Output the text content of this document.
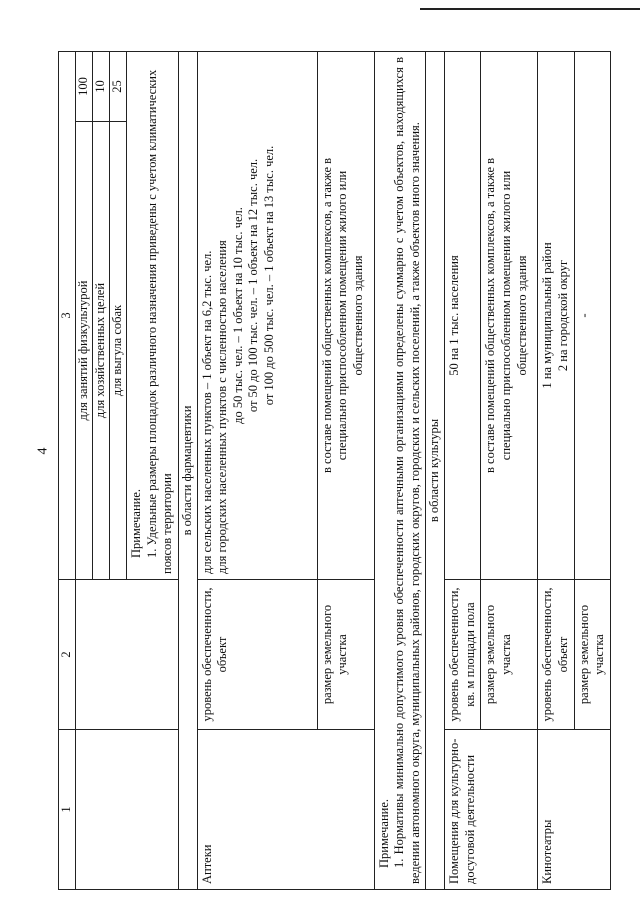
4
1	2	3	
		для занятий физкультурой	100
		для хозяйственных целей	10
		для выгула собак	25

		Примечание. 1. Удельные размеры площадок различного назначения приведены с учетом климатических поясов территории	

в области фармацевтики			
Аптеки	уровень обеспеченности, объект	для сельских населенных пунктов – 1 объект на 6,2 тыс. чел. для городских населенных пунктов с численностью населения до 50 тыс. чел. – 1 объект на 10 тыс. чел. от 50 до 100 тыс. чел. – 1 объект на 12 тыс. чел. от 100 до 500 тыс. чел. – 1 объект на 13 тыс. чел.	

	размер земельного участка	в составе помещений общественных комплексов, а также в специально приспособленном помещении жилого или общественного здания	

Примечание. 1. Нормативы минимально допустимого уровня обеспеченности аптечными организациями определены суммарно с учетом объектов, находящихся в ведении автономного округа, муниципальных районов, городских округов, городских и сельских поселений, а также объектов иного значения.			

в области культуры			
Помещения для культурно-досуговой деятельности	уровень обеспеченности, кв. м площади пола	50 на 1 тыс. населения	
	размер земельного участка	в составе помещений общественных комплексов, а также в специально приспособленном помещении жилого или общественного здания	

Кинотеатры	уровень обеспеченности, объект	1 на муниципальный район 2 на городской округ	

	размер земельного участка	-	
